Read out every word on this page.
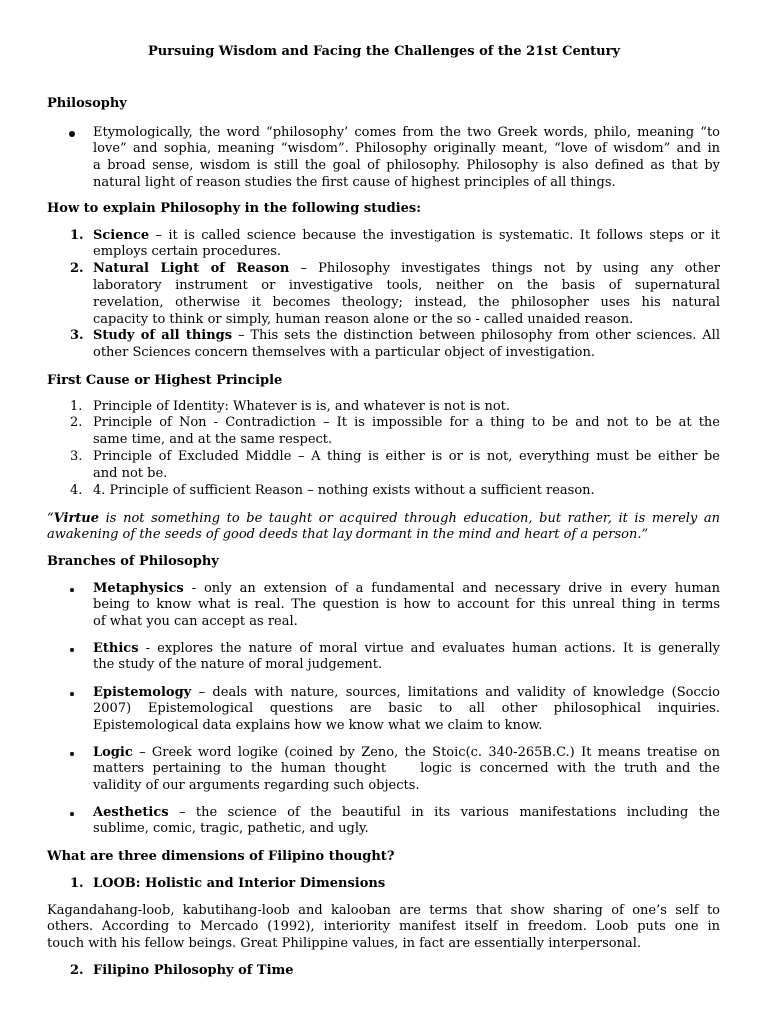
Pursuing Wisdom and Facing the Challenges of the 21st Century
Philosophy
Etymologically, the word “philosophy’ comes from the two Greek words, philo, meaning “to
love” and sophia, meaning “wisdom”. Philosophy originally meant, “love of wisdom” and in
a broad sense, wisdom is still the goal of philosophy. Philosophy is also defined as that by
natural light of reason studies the first cause of highest principles of all things.
How to explain Philosophy in the following studies:
1. Science – it is called science because the investigation is systematic. It follows steps or it
employs certain procedures.
2. Natural Light of Reason – Philosophy investigates things not by using any other
laboratory instrument or investigative tools, neither on the basis of supernatural
revelation, otherwise it becomes theology; instead, the philosopher uses his natural
capacity to think or simply, human reason alone or the so - called unaided reason.
3. Study of all things – This sets the distinction between philosophy from other sciences. All
other Sciences concern themselves with a particular object of investigation.
First Cause or Highest Principle
1. Principle of Identity: Whatever is is, and whatever is not is not.
2. Principle of Non - Contradiction – It is impossible for a thing to be and not to be at the
same time, and at the same respect.
3. Principle of Excluded Middle – A thing is either is or is not, everything must be either be
and not be.
4. 4. Principle of sufficient Reason – nothing exists without a sufficient reason.
“Virtue is not something to be taught or acquired through education, but rather, it is merely an
awakening of the seeds of good deeds that lay dormant in the mind and heart of a person.”
Branches of Philosophy
Metaphysics - only an extension of a fundamental and necessary drive in every human
being to know what is real. The question is how to account for this unreal thing in terms
of what you can accept as real.
Ethics - explores the nature of moral virtue and evaluates human actions. It is generally
the study of the nature of moral judgement.
Epistemology – deals with nature, sources, limitations and validity of knowledge (Soccio
2007) Epistemological questions are basic to all other philosophical inquiries.
Epistemological data explains how we know what we claim to know.
Logic – Greek word logike (coined by Zeno, the Stoic(c. 340-265B.C.) It means treatise on
matters pertaining to the human thought	logic is concerned with the truth and the
validity of our arguments regarding such objects.
Aesthetics – the science of the beautiful in its various manifestations including the
sublime, comic, tragic, pathetic, and ugly.
What are three dimensions of Filipino thought?
1. LOOB: Holistic and Interior Dimensions
Kagandahang-loob, kabutihang-loob and kalooban are terms that show sharing of one’s self to
others. According to Mercado (1992), interiority manifest itself in freedom. Loob puts one in
touch with his fellow beings. Great Philippine values, in fact are essentially interpersonal.
2. Filipino Philosophy of Time
